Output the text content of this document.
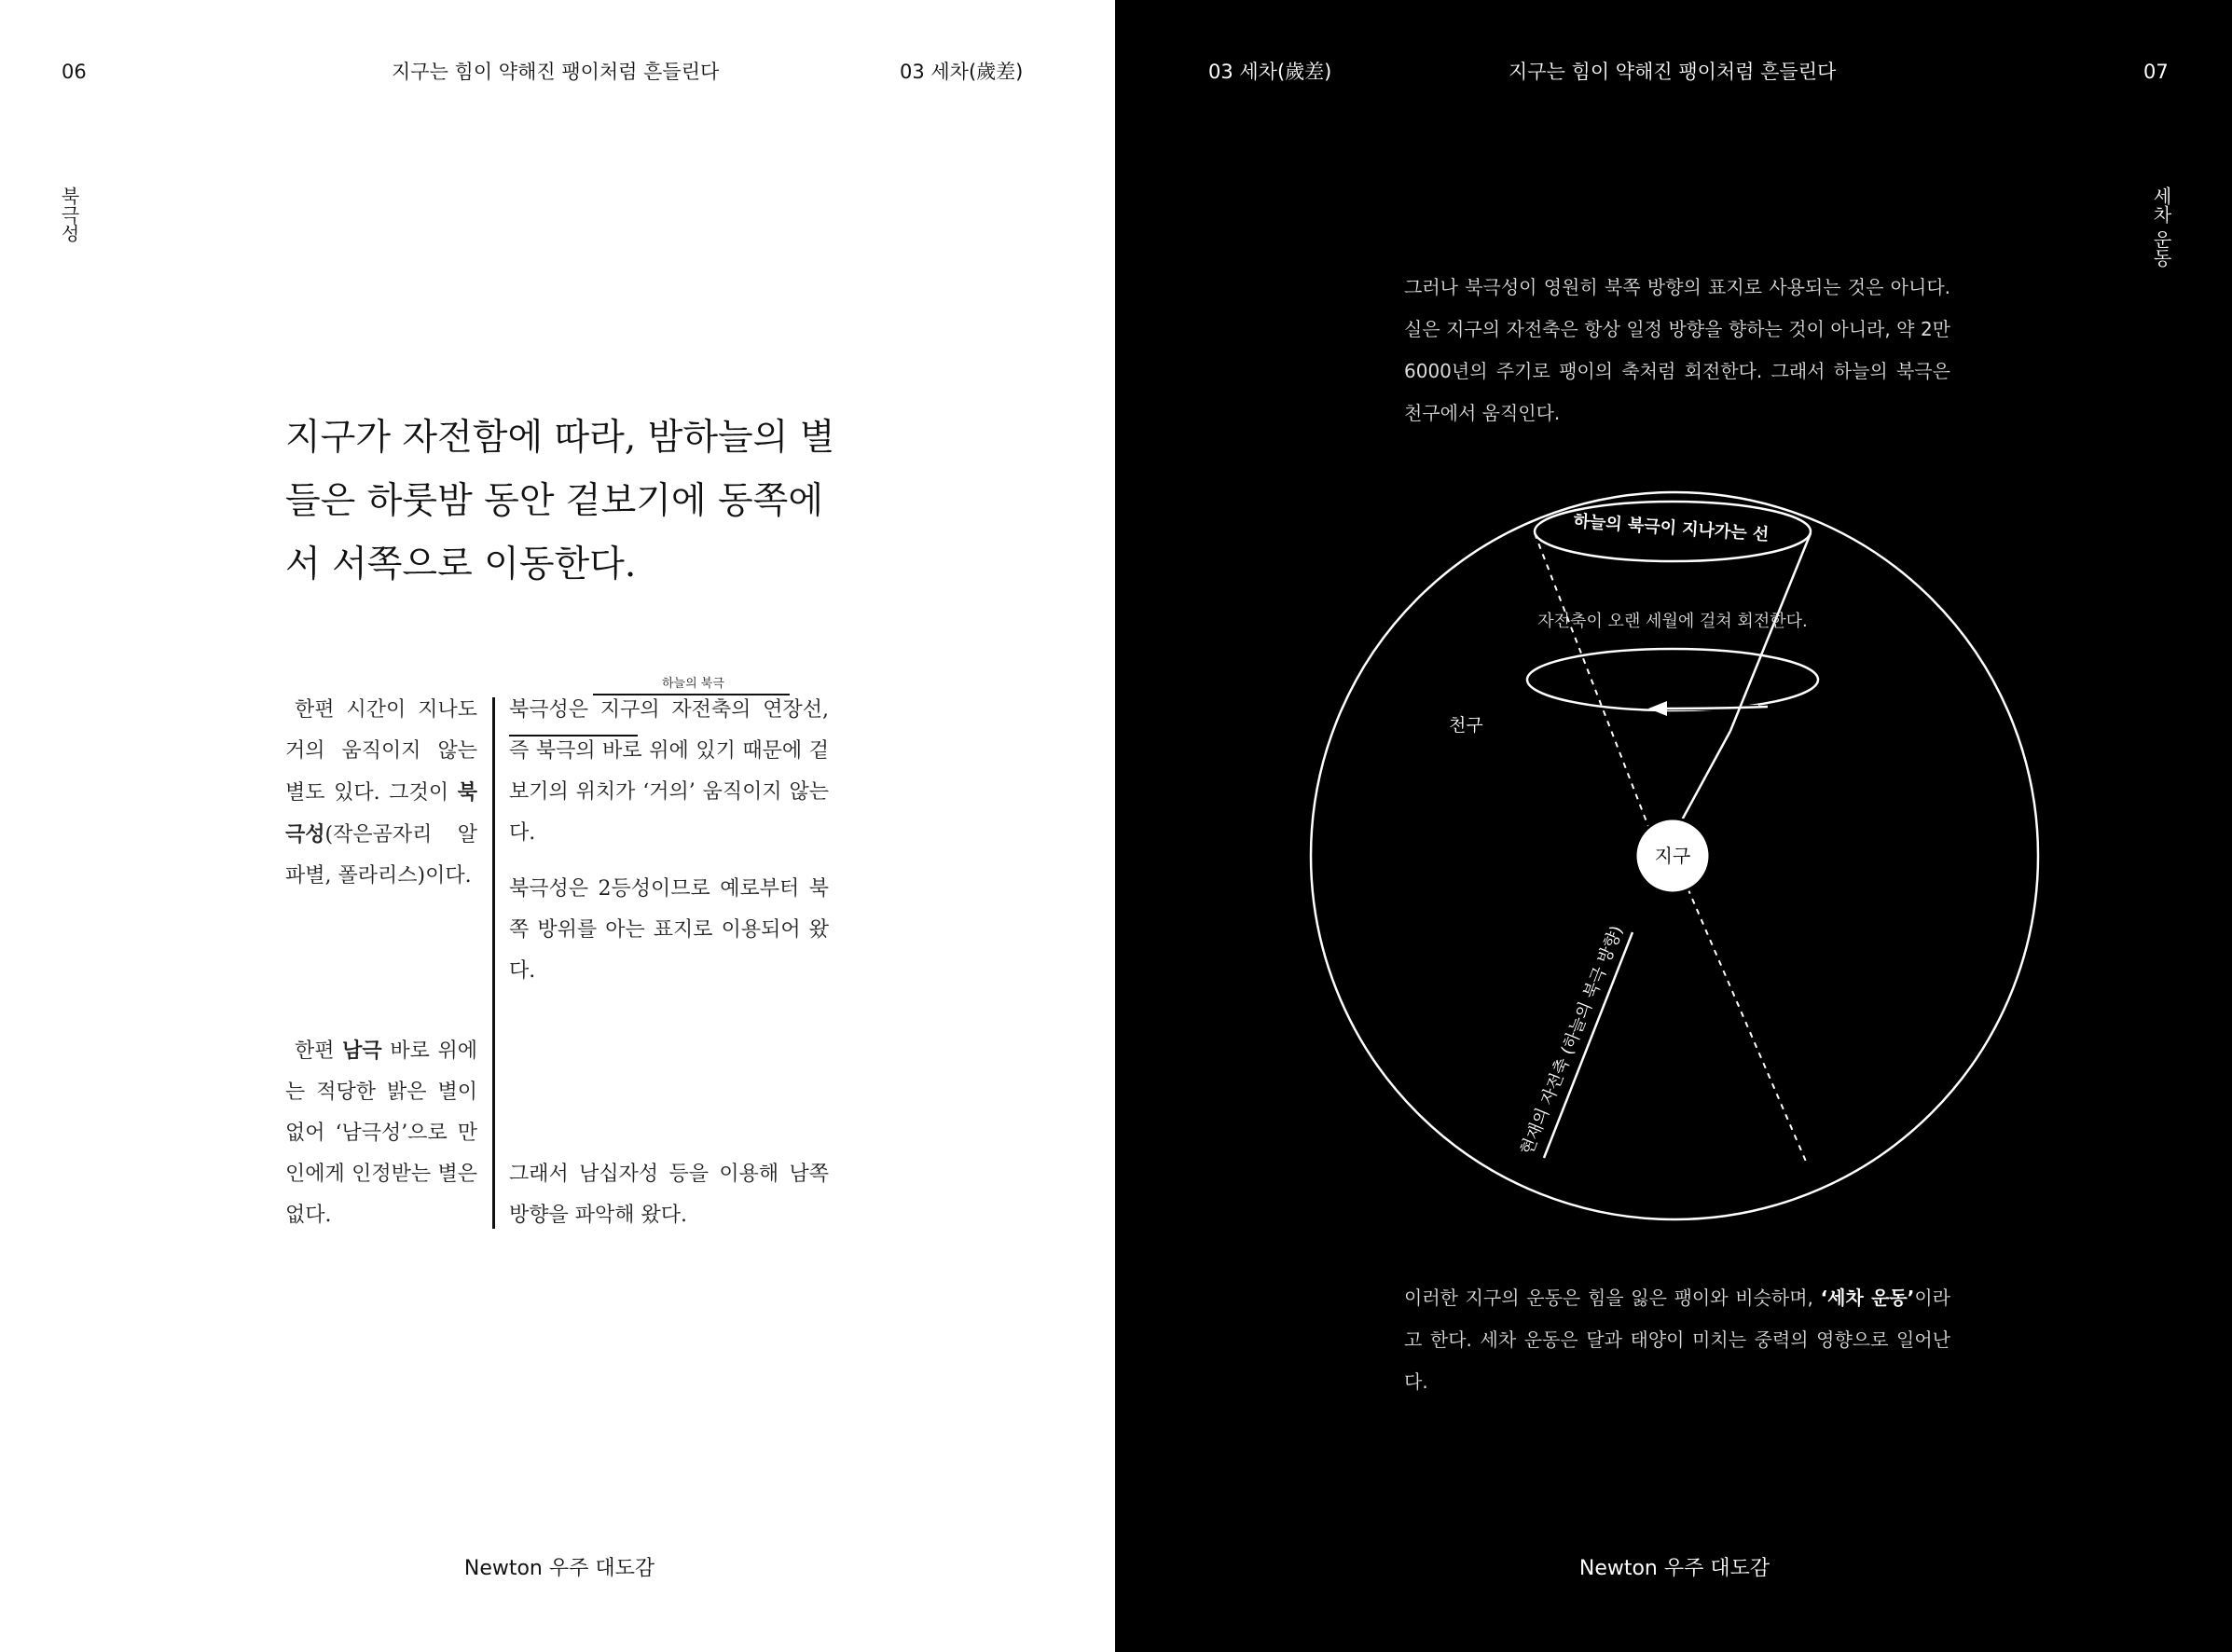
06	지구는 힘이 약해진 팽이처럼 흔들린다	03 세차(歲差)
북극성
지구가 자전함에 따라, 밤하늘의 별
들은 하룻밤 동안 겉보기에 동쪽에
서 서쪽으로 이동한다.
한편 시간이 지나도 거의 움직이지 않는 별도 있다. 그것이 북극성(작은곰자리 알파별, 폴라리스)이다.
한편 남극 바로 위에는 적당한 밝은 별이 없어 ‘남극성’으로 만인에게 인정받는 별은 없다.
하늘의 북극
북극성은 지구의 자전축의 연장선, 즉 북극의 바로 위에 있기 때문에 겉보기의 위치가 ‘거의’ 움직이지 않는다.
북극성은 2등성이므로 예로부터 북쪽 방위를 아는 표지로 이용되어 왔다.
그래서 남십자성 등을 이용해 남쪽 방향을 파악해 왔다.
Newton 우주 대도감
03 세차(歲差)	지구는 힘이 약해진 팽이처럼 흔들린다	07
세차 운동
그러나 북극성이 영원히 북쪽 방향의 표지로 사용되는 것은 아니다. 실은 지구의 자전축은 항상 일정 방향을 향하는 것이 아니라, 약 2만 6000년의 주기로 팽이의 축처럼 회전한다. 그래서 하늘의 북극은 천구에서 움직인다.
지구
하늘의 북극이 지나가는 선
자전축이 오랜 세월에 걸쳐 회전한다.
천구
현재의 자전축 (하늘의 북극 방향)
이러한 지구의 운동은 힘을 잃은 팽이와 비슷하며, ‘세차 운동’이라고 한다. 세차 운동은 달과 태양이 미치는 중력의 영향으로 일어난다.
Newton 우주 대도감
